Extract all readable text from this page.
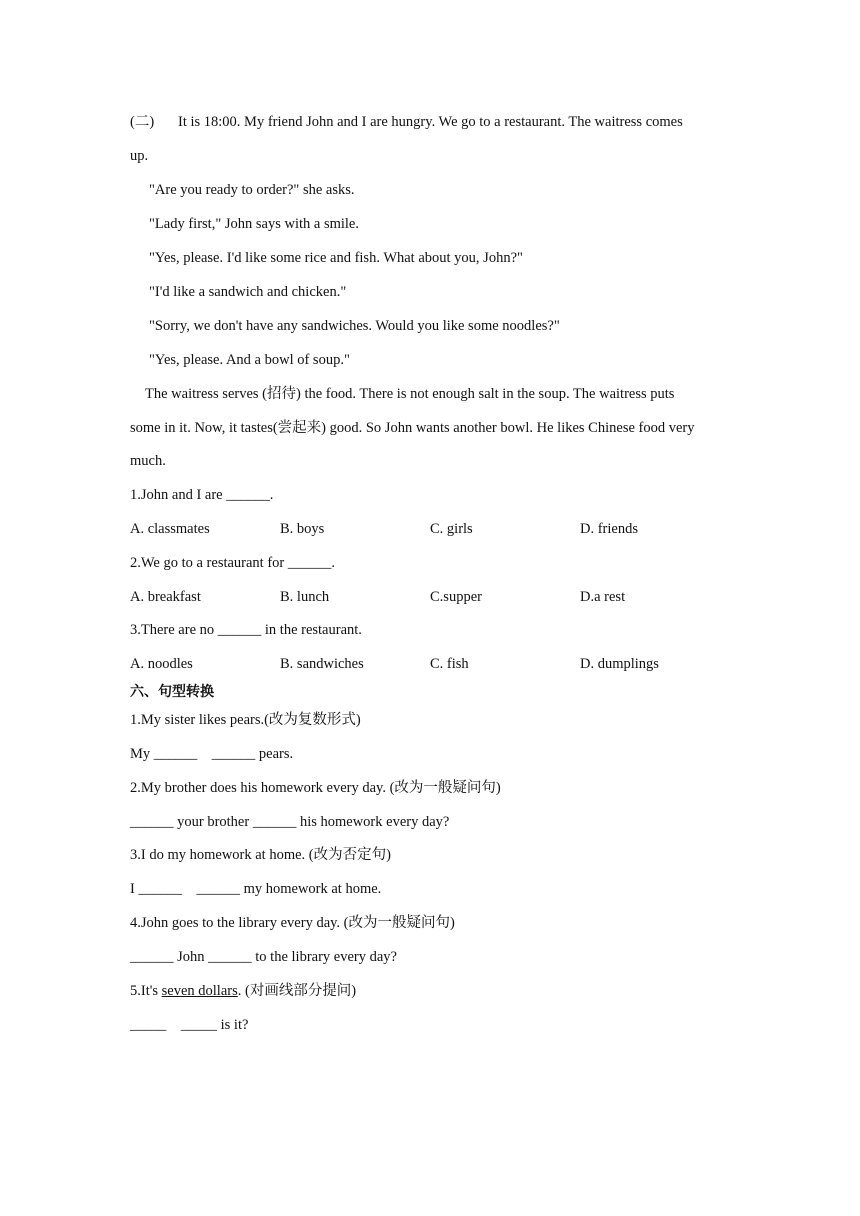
(二) It is 18:00. My friend John and I are hungry. We go to a restaurant. The waitress comes
up.
"Are you ready to order?" she asks.
"Lady first," John says with a smile.
"Yes, please. I'd like some rice and fish. What about you, John?"
"I'd like a sandwich and chicken."
"Sorry, we don't have any sandwiches. Would you like some noodles?"
"Yes, please. And a bowl of soup."
The waitress serves (招待) the food. There is not enough salt in the soup. The waitress puts
some in it. Now, it tastes(尝起来) good. So John wants another bowl. He likes Chinese food very
much.
1.John and I are ______.
A. classmates	B. boys	C. girls	D. friends
2.We go to a restaurant for ______.
A. breakfast	B. lunch	C.supper	D.a rest
3.There are no ______ in the restaurant.
A. noodles	B. sandwiches	C. fish	D. dumplings
六、句型转换
1.My sister likes pears.(改为复数形式)
My ______    ______ pears.
2.My brother does his homework every day. (改为一般疑问句)
______ your brother ______ his homework every day?
3.I do my homework at home. (改为否定句)
I ______    ______ my homework at home.
4.John goes to the library every day. (改为一般疑问句)
______ John ______ to the library every day?
5.It's seven dollars. (对画线部分提问)
_____    _____ is it?
